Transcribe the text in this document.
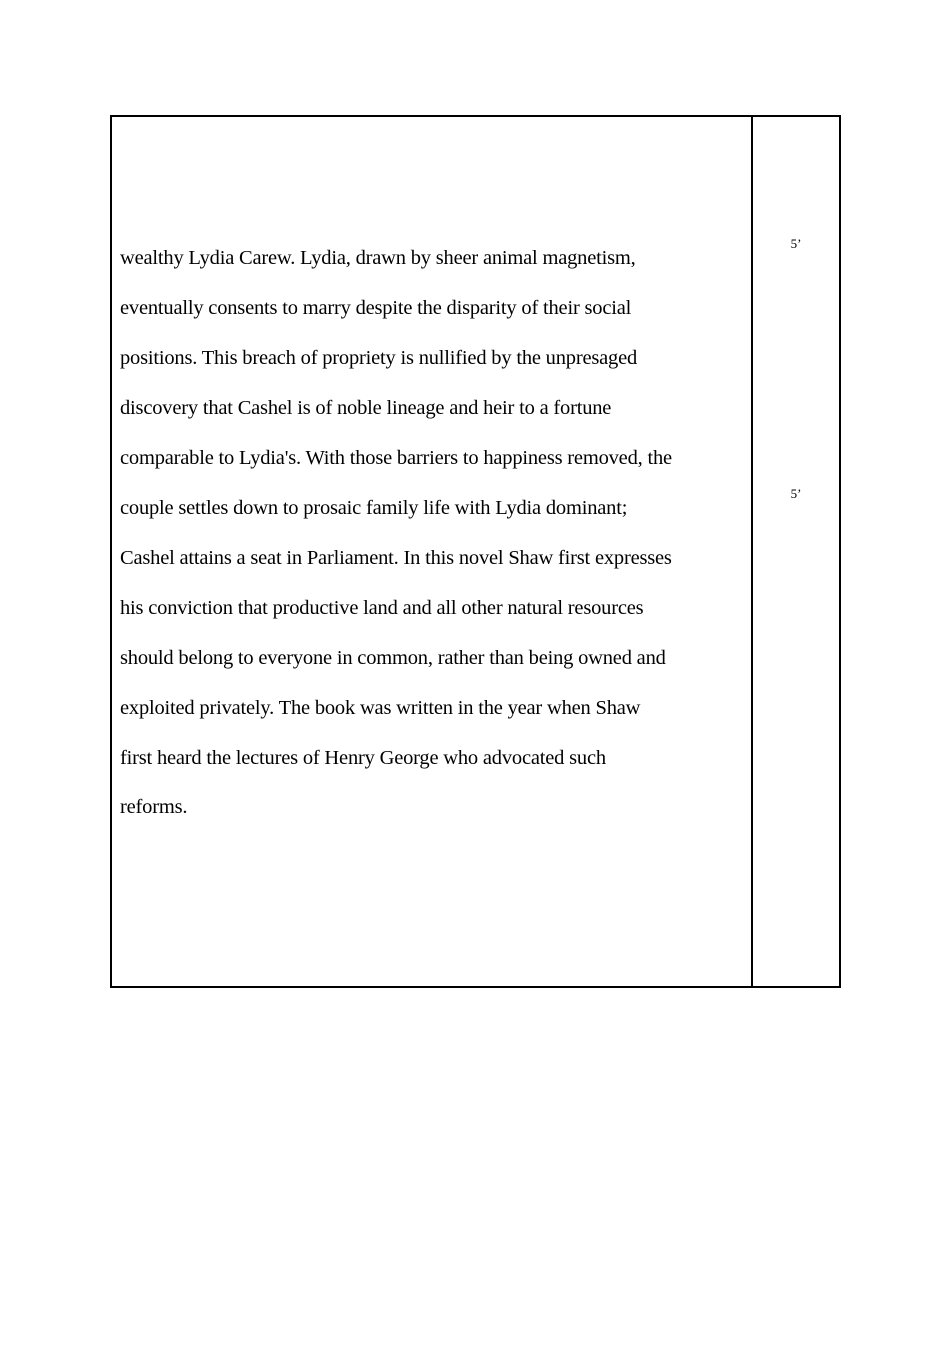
wealthy Lydia Carew. Lydia, drawn by sheer animal magnetism,
eventually consents to marry despite the disparity of their social
positions. This breach of propriety is nullified by the unpresaged
discovery that Cashel is of noble lineage and heir to a fortune
comparable to Lydia's. With those barriers to happiness removed, the
couple settles down to prosaic family life with Lydia dominant;
Cashel attains a seat in Parliament. In this novel Shaw first expresses
his conviction that productive land and all other natural resources
should belong to everyone in common, rather than being owned and
exploited privately. The book was written in the year when Shaw
first heard the lectures of Henry George who advocated such
reforms.
5’
5’
